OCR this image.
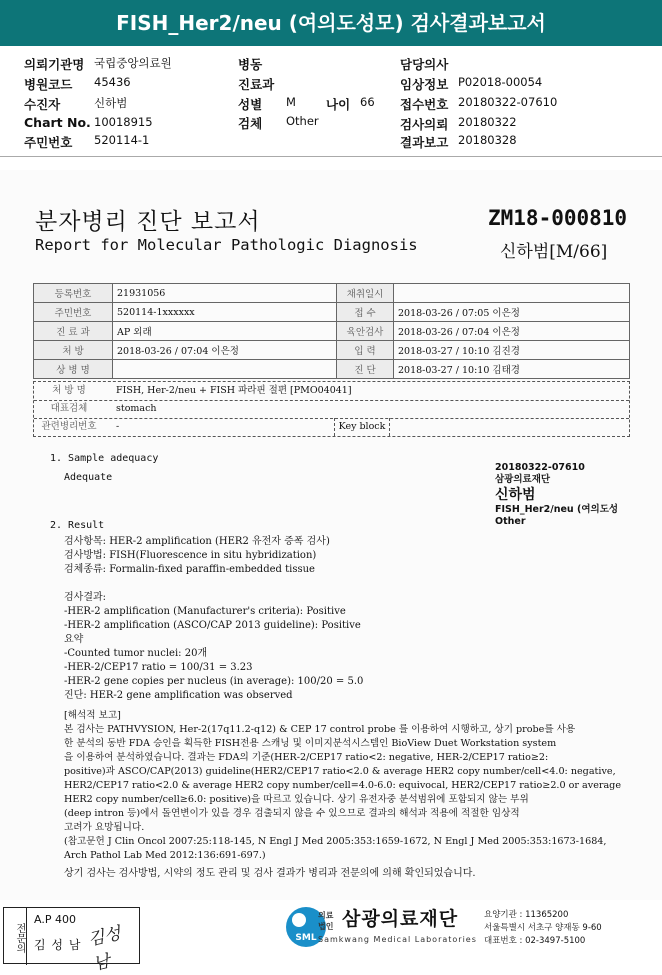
FISH_Her2/neu (여의도성모) 검사결과보고서
의뢰기관명 국립중앙의료원
병원코드 45436
수진자	신하범
Chart No. 10018915
주민번호 520114-1
병동
진료과
성별 M 나이 66
검체 Other
담당의사
임상정보 P02018-00054
접수번호 20180322-07610
검사의뢰 20180322
결과보고 20180328
분자병리 진단 보고서
Report for Molecular Pathologic Diagnosis
ZM18-000810
신하범[M/66]
등록번호	21931056	채취일시	
주민번호	520114-1xxxxxx	접 수	2018-03-26 / 07:05 이은정
진 료 과	AP 외래	육안검사	2018-03-26 / 07:04 이은정
처 방	2018-03-26 / 07:04 이은정	입 력	2018-03-27 / 10:10 김진경
상 병 명		진 단	2018-03-27 / 10:10 김태경
처 방 명	FISH, Her-2/neu + FISH 파라핀 절편 [PMO04041]
대표검체	stomach
관련병리번호	-	Key block
1. Sample adequacy
Adequate
20180322-07610
삼광의료재단
신하범
FISH_Her2/neu (여의도성
Other
2. Result
검사항목: HER-2 amplification (HER2 유전자 증폭 검사)
검사방법: FISH(Fluorescence in situ hybridization)
검체종류: Formalin-fixed paraffin-embedded tissue
검사결과:
-HER-2 amplification (Manufacturer's criteria): Positive
-HER-2 amplification (ASCO/CAP 2013 guideline): Positive
요약
-Counted tumor nuclei: 20개
-HER-2/CEP17 ratio = 100/31 = 3.23
-HER-2 gene copies per nucleus (in average): 100/20 = 5.0
진단: HER-2 gene amplification was observed
[해석적 보고]
본 검사는 PATHVYSION, Her-2(17q11.2-q12) & CEP 17 control probe 를 이용하여 시행하고, 상기 probe를 사용
한 분석의 동반 FDA 승인을 획득한 FISH전용 스캐닝 및 이미지분석시스템인 BioView Duet Workstation system
을 이용하여 분석하였습니다. 결과는 FDA의 기준(HER-2/CEP17 ratio<2: negative, HER-2/CEP17 ratio≥2:
positive)과 ASCO/CAP(2013) guideline(HER2/CEP17 ratio<2.0 & average HER2 copy number/cell<4.0: negative,
HER2/CEP17 ratio<2.0 & average HER2 copy number/cell=4.0-6.0: equivocal, HER2/CEP17 ratio≥2.0 or average
HER2 copy number/cell≥6.0: positive)을 따르고 있습니다. 상기 유전자중 분석범위에 포함되지 않는 부위
(deep intron 등)에서 돌연변이가 있을 경우 검출되지 않을 수 있으므로 결과의 해석과 적용에 적절한 임상적
고려가 요망됩니다.
(참고문헌 J Clin Oncol 2007:25:118-145, N Engl J Med 2005:353:1659-1672, N Engl J Med 2005:353:1673-1684,
Arch Pathol Lab Med 2012:136:691-697.)
상기 검사는 검사방법, 시약의 정도 관리 및 검사 결과가 병리과 전문의에 의해 확인되었습니다.
전문의
A.P 400
김 성 남 김성남
SML
의료
법인 삼광의료재단
Samkwang Medical Laboratories
요양기관 : 11365200
서울특별시 서초구 양재동 9-60
대표번호 : 02-3497-5100
